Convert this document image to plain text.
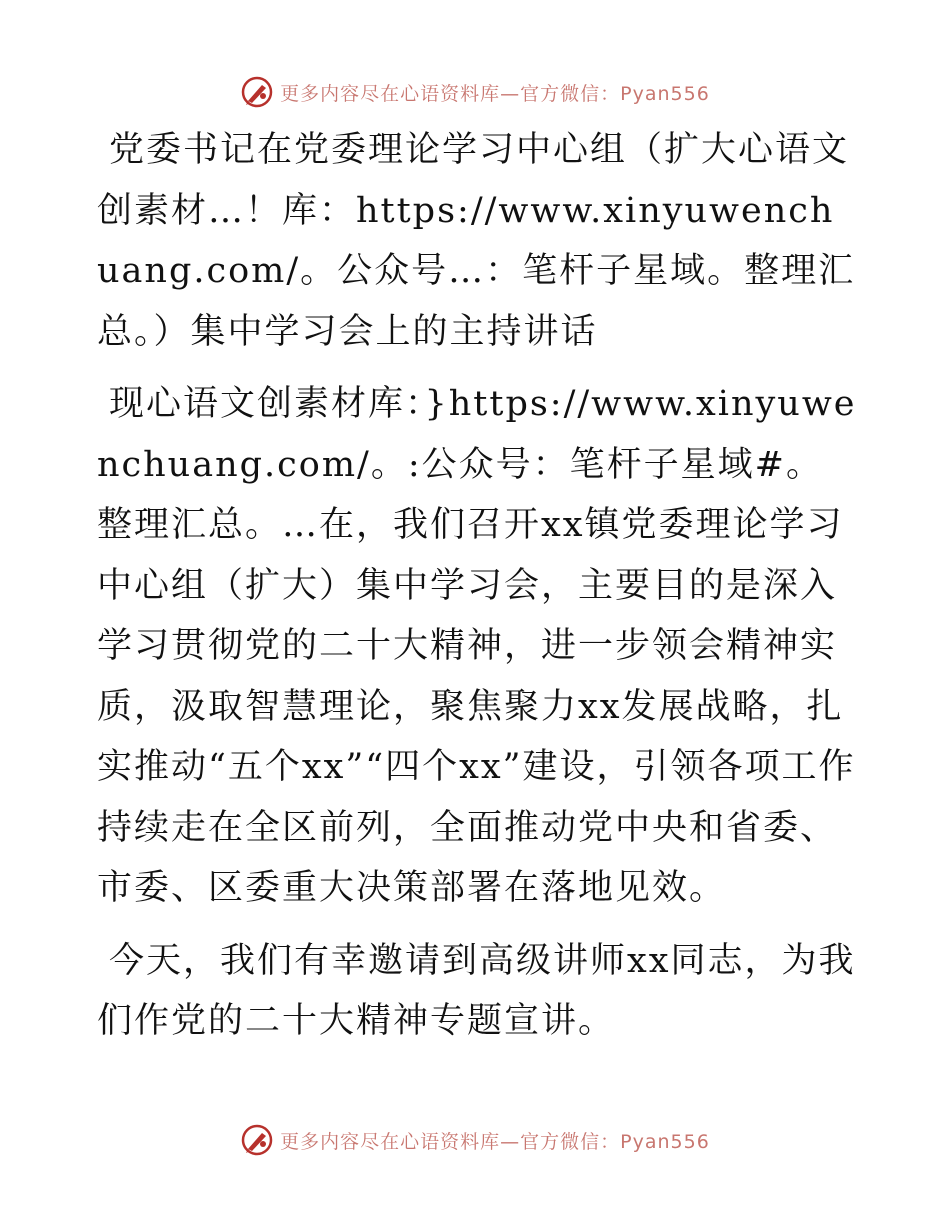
更多内容尽在心语资料库—官方微信：Pyan556

党委书记在党委理论学习中心组（扩大心语文创素材…！库：https://www.xinyuwenchuang.com/。公众号…：笔杆子星域。整理汇总。）集中学习会上的主持讲话

现心语文创素材库：}https://www.xinyuwenchuang.com/。:公众号：笔杆子星域#。整理汇总。…在，我们召开xx镇党委理论学习中心组（扩大）集中学习会，主要目的是深入学习贯彻党的二十大精神，进一步领会精神实质，汲取智慧理论，聚焦聚力xx发展战略，扎实推动“五个xx”“四个xx”建设，引领各项工作持续走在全区前列，全面推动党中央和省委、市委、区委重大决策部署在落地见效。

今天，我们有幸邀请到高级讲师xx同志，为我们作党的二十大精神专题宣讲。

更多内容尽在心语资料库—官方微信：Pyan556
